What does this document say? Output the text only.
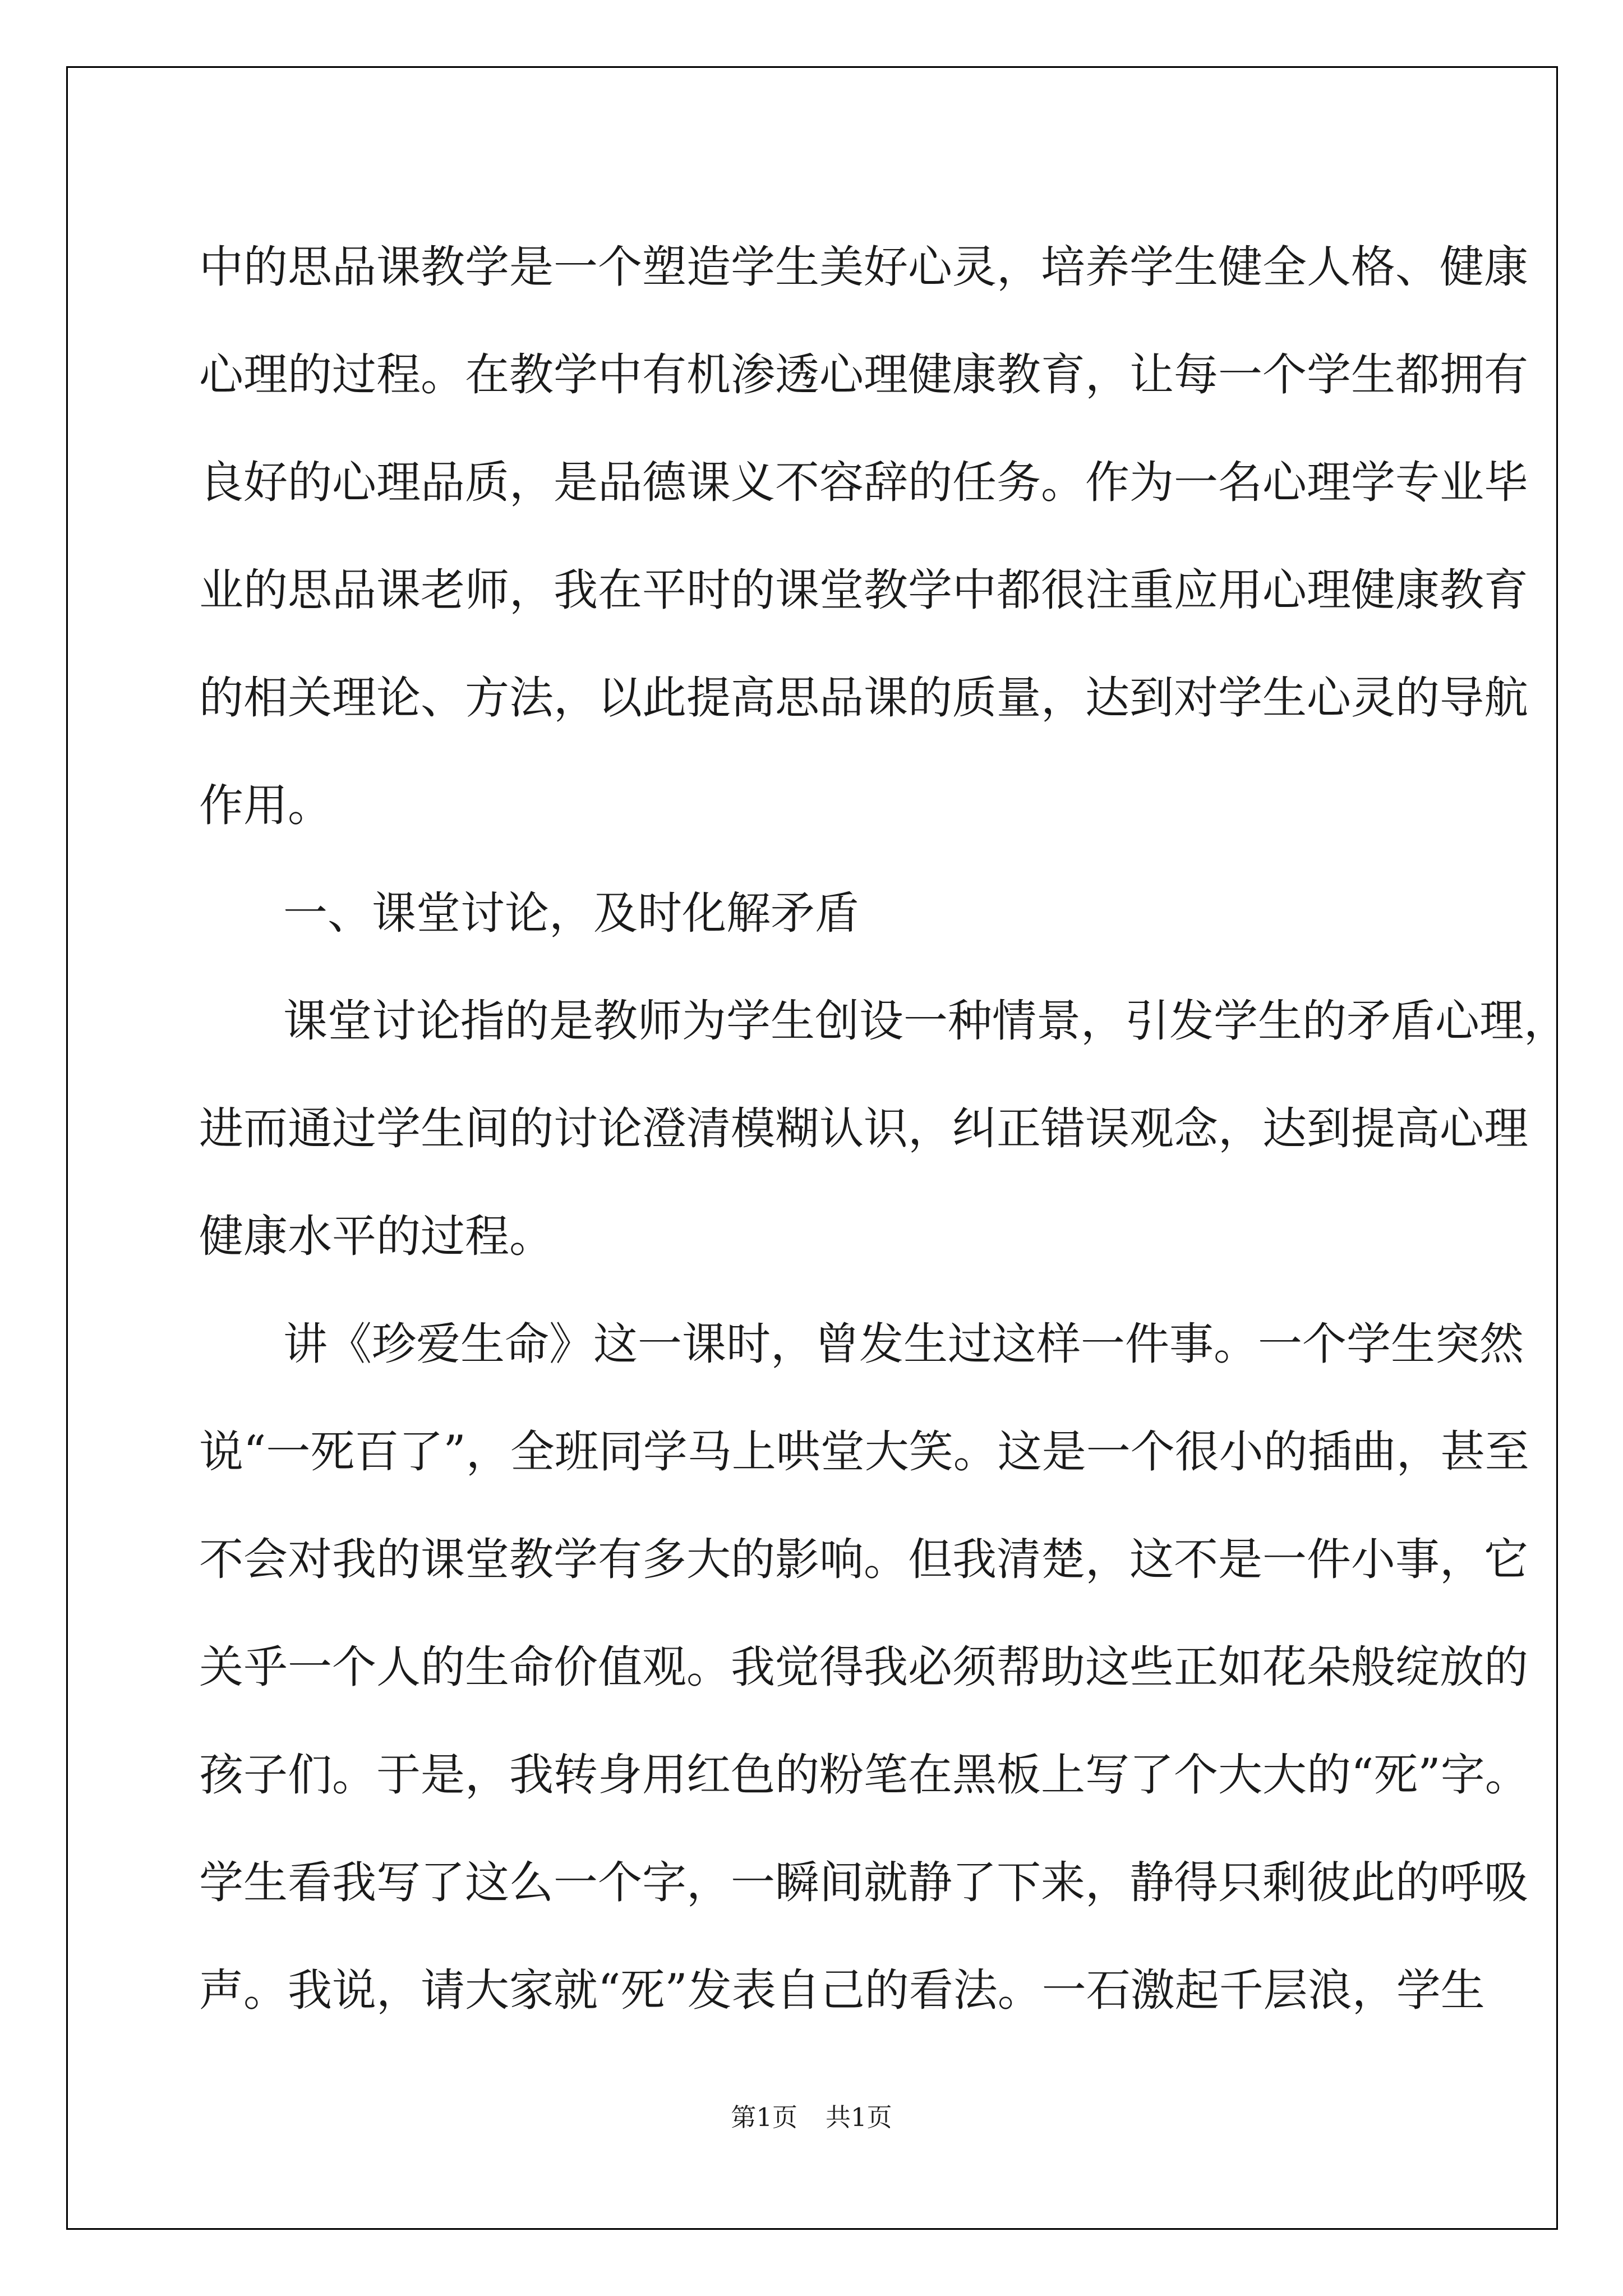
中的思品课教学是一个塑造学生美好心灵，培养学生健全人格、健康
心理的过程。在教学中有机渗透心理健康教育，让每一个学生都拥有
良好的心理品质，是品德课义不容辞的任务。作为一名心理学专业毕
业的思品课老师，我在平时的课堂教学中都很注重应用心理健康教育
的相关理论、方法，以此提高思品课的质量，达到对学生心灵的导航
作用。
一、课堂讨论，及时化解矛盾
课堂讨论指的是教师为学生创设一种情景，引发学生的矛盾心理，
进而通过学生间的讨论澄清模糊认识，纠正错误观念，达到提高心理
健康水平的过程。
讲《珍爱生命》这一课时，曾发生过这样一件事。一个学生突然
说“一死百了”，全班同学马上哄堂大笑。这是一个很小的插曲，甚至
不会对我的课堂教学有多大的影响。但我清楚，这不是一件小事，它
关乎一个人的生命价值观。我觉得我必须帮助这些正如花朵般绽放的
孩子们。于是，我转身用红色的粉笔在黑板上写了个大大的“死”字。
学生看我写了这么一个字，一瞬间就静了下来，静得只剩彼此的呼吸
声。我说，请大家就“死”发表自己的看法。一石激起千层浪，学生
第1页 共1页
